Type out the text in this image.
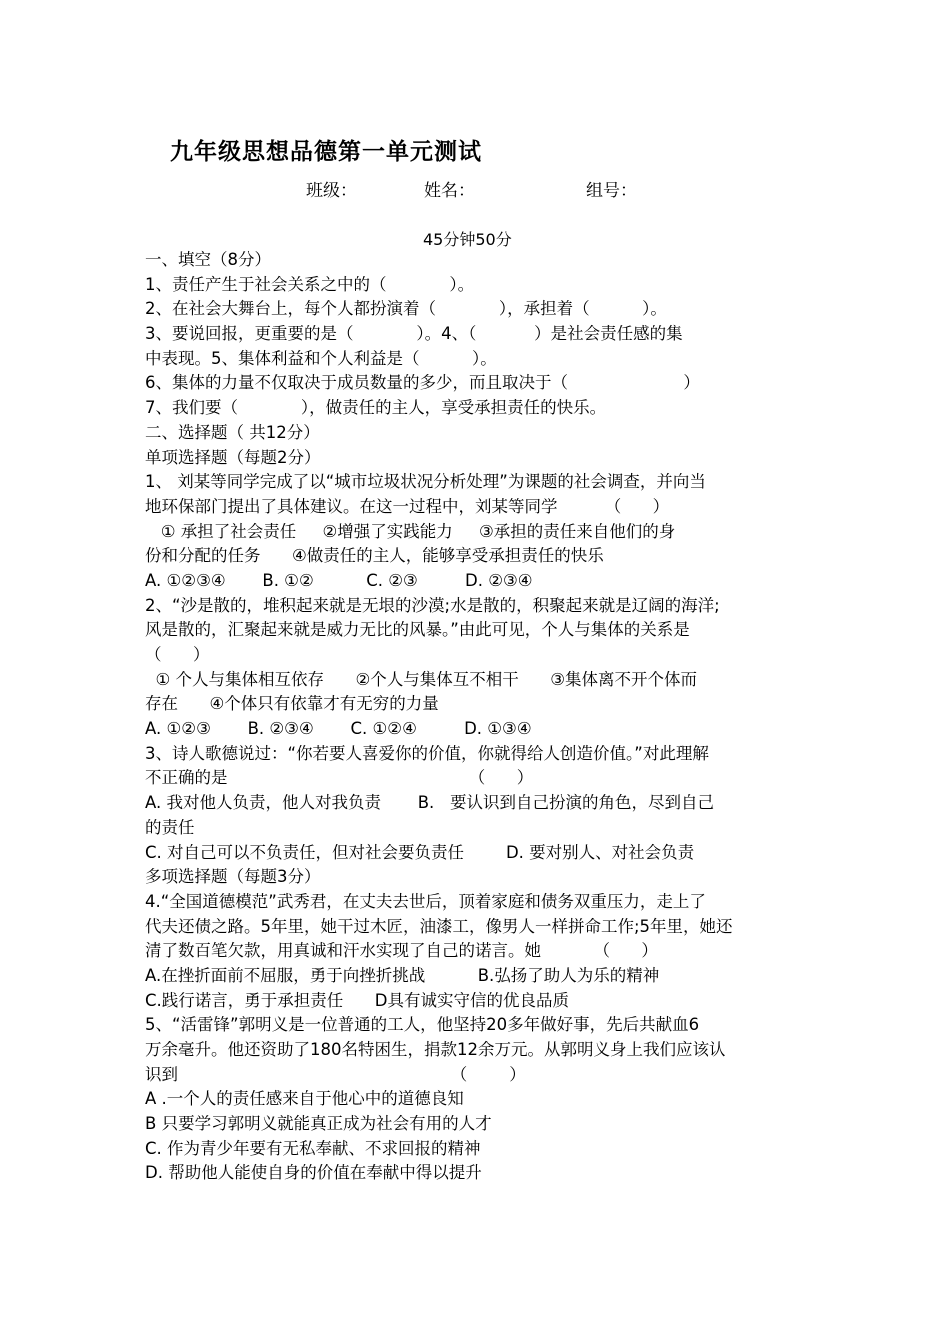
九年级思想品德第一单元测试
班级：	姓名：	组号：
45分钟50分
一、填空（8分）
1、责任产生于社会关系之中的（            ）。
2、在社会大舞台上，每个人都扮演着（            ），承担着（          ）。
3、要说回报，更重要的是（            ）。4、（           ）是社会责任感的集
中表现。5、集体利益和个人利益是（          ）。
6、集体的力量不仅取决于成员数量的多少，而且取决于（                      ）
7、我们要（            ），做责任的主人，享受承担责任的快乐。
二、选择题（ 共12分）
单项选择题（每题2分）
1、 刘某等同学完成了以“城市垃圾状况分析处理”为课题的社会调查，并向当
地环保部门提出了具体建议。在这一过程中，刘某等同学         （      ）
① 承担了社会责任     ②增强了实践能力     ③承担的责任来自他们的身
份和分配的任务      ④做责任的主人，能够享受承担责任的快乐
A. ①②③④       B. ①②          C. ②③         D. ②③④
2、“沙是散的，堆积起来就是无垠的沙漠;水是散的，积聚起来就是辽阔的海洋;
风是散的，汇聚起来就是威力无比的风暴。”由此可见，个人与集体的关系是
（      ）
① 个人与集体相互依存      ②个人与集体互不相干      ③集体离不开个体而
存在      ④个体只有依靠才有无穷的力量
A. ①②③       B. ②③④       C. ①②④         D. ①③④
3、诗人歌德说过：“你若要人喜爱你的价值，你就得给人创造价值。”对此理解
不正确的是                                              （      ）
A. 我对他人负责，他人对我负责       B.   要认识到自己扮演的角色，尽到自己
的责任
C. 对自己可以不负责任，但对社会要负责任        D. 要对别人、对社会负责
多项选择题（每题3分）
4.“全国道德模范”武秀君，在丈夫去世后，顶着家庭和债务双重压力，走上了
代夫还债之路。5年里，她干过木匠，油漆工，像男人一样拼命工作;5年里，她还
清了数百笔欠款，用真诚和汗水实现了自己的诺言。她          （      ）
A.在挫折面前不屈服，勇于向挫折挑战          B.弘扬了助人为乐的精神
C.践行诺言，勇于承担责任      D具有诚实守信的优良品质
5、“活雷锋”郭明义是一位普通的工人，他坚持20多年做好事，先后共献血6
万余毫升。他还资助了180名特困生，捐款12余万元。从郭明义身上我们应该认
识到                                                    （        ）
A .一个人的责任感来自于他心中的道德良知
B 只要学习郭明义就能真正成为社会有用的人才
C. 作为青少年要有无私奉献、不求回报的精神
D. 帮助他人能使自身的价值在奉献中得以提升
